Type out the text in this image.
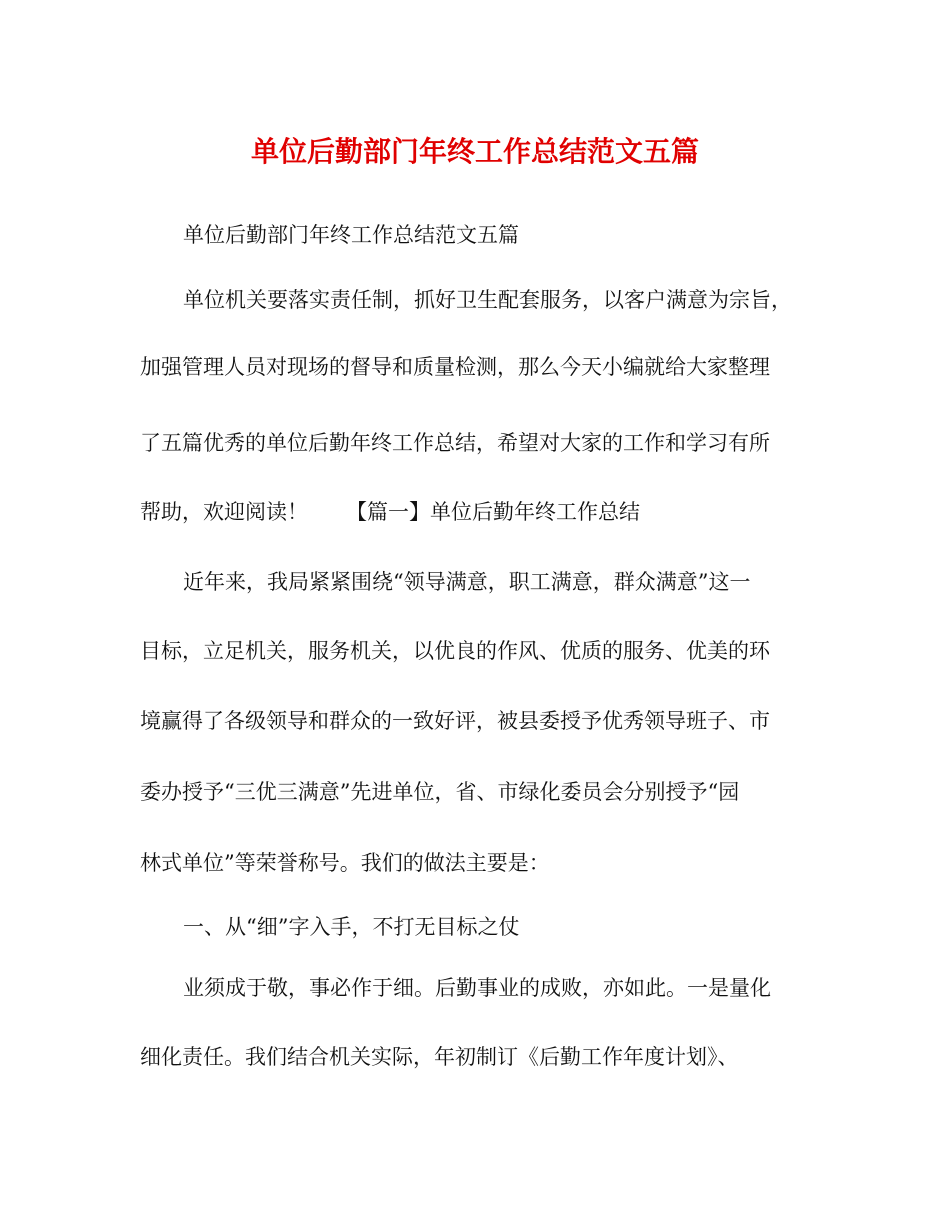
单位后勤部门年终工作总结范文五篇
单位后勤部门年终工作总结范文五篇
单位机关要落实责任制，抓好卫生配套服务，以客户满意为宗旨，
加强管理人员对现场的督导和质量检测，那么今天小编就给大家整理
了五篇优秀的单位后勤年终工作总结，希望对大家的工作和学习有所
帮助，欢迎阅读！ 【篇一】单位后勤年终工作总结
近年来，我局紧紧围绕“领导满意，职工满意，群众满意”这一
目标，立足机关，服务机关，以优良的作风、优质的服务、优美的环
境赢得了各级领导和群众的一致好评，被县委授予优秀领导班子、市
委办授予“三优三满意”先进单位，省、市绿化委员会分别授予“园
林式单位”等荣誉称号。我们的做法主要是：
一、从“细”字入手，不打无目标之仗
业须成于敬，事必作于细。后勤事业的成败，亦如此。一是量化
细化责任。我们结合机关实际，年初制订《后勤工作年度计划》、
